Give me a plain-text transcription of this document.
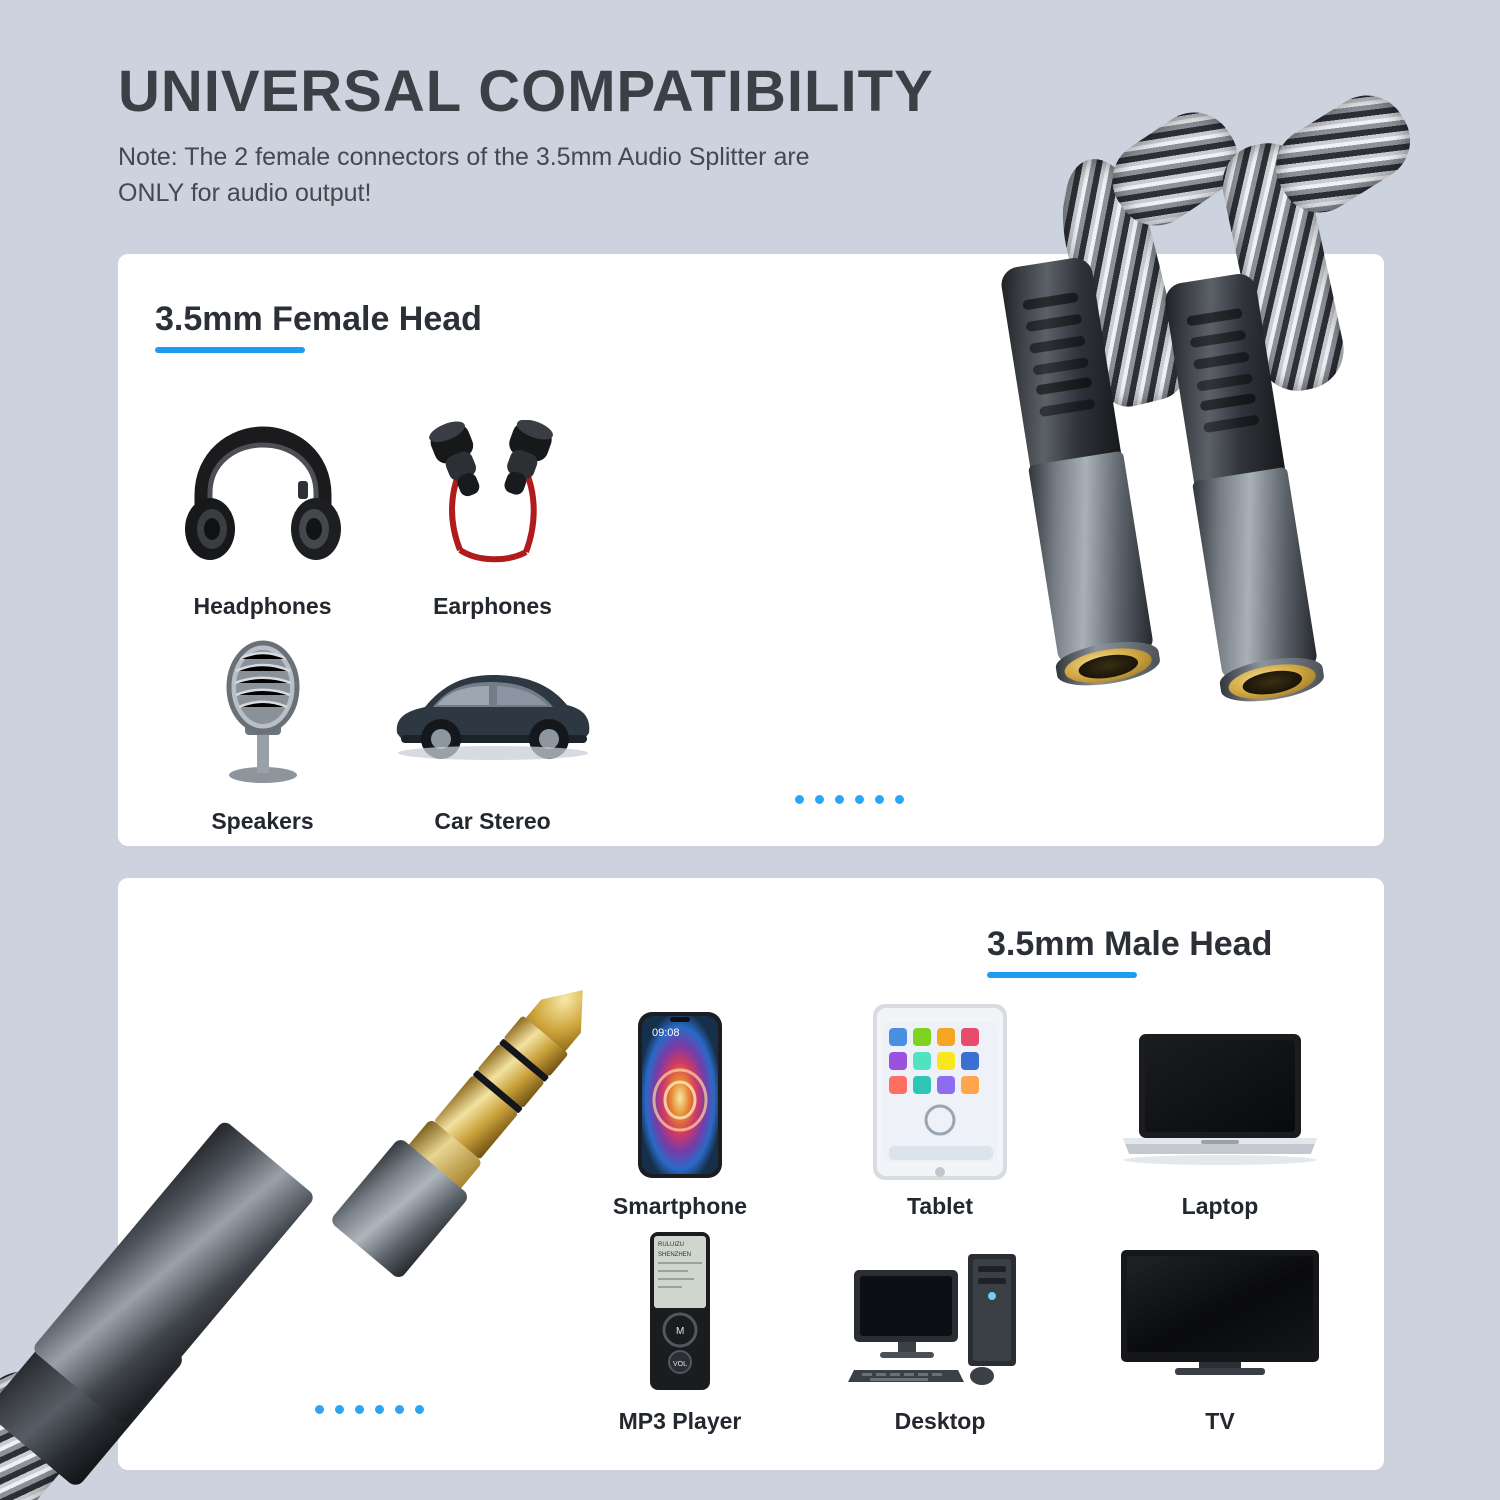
UNIVERSAL COMPATIBILITY
Note: The 2 female connectors of the 3.5mm Audio Splitter are ONLY for audio output!
3.5mm Female Head
Headphones	Earphones
Speakers	Car Stereo
3.5mm Male Head
09:08
Smartphone	Tablet	Laptop
RULUIZU
SHENZHEN
M
VOL
MP3 Player	Desktop	TV
